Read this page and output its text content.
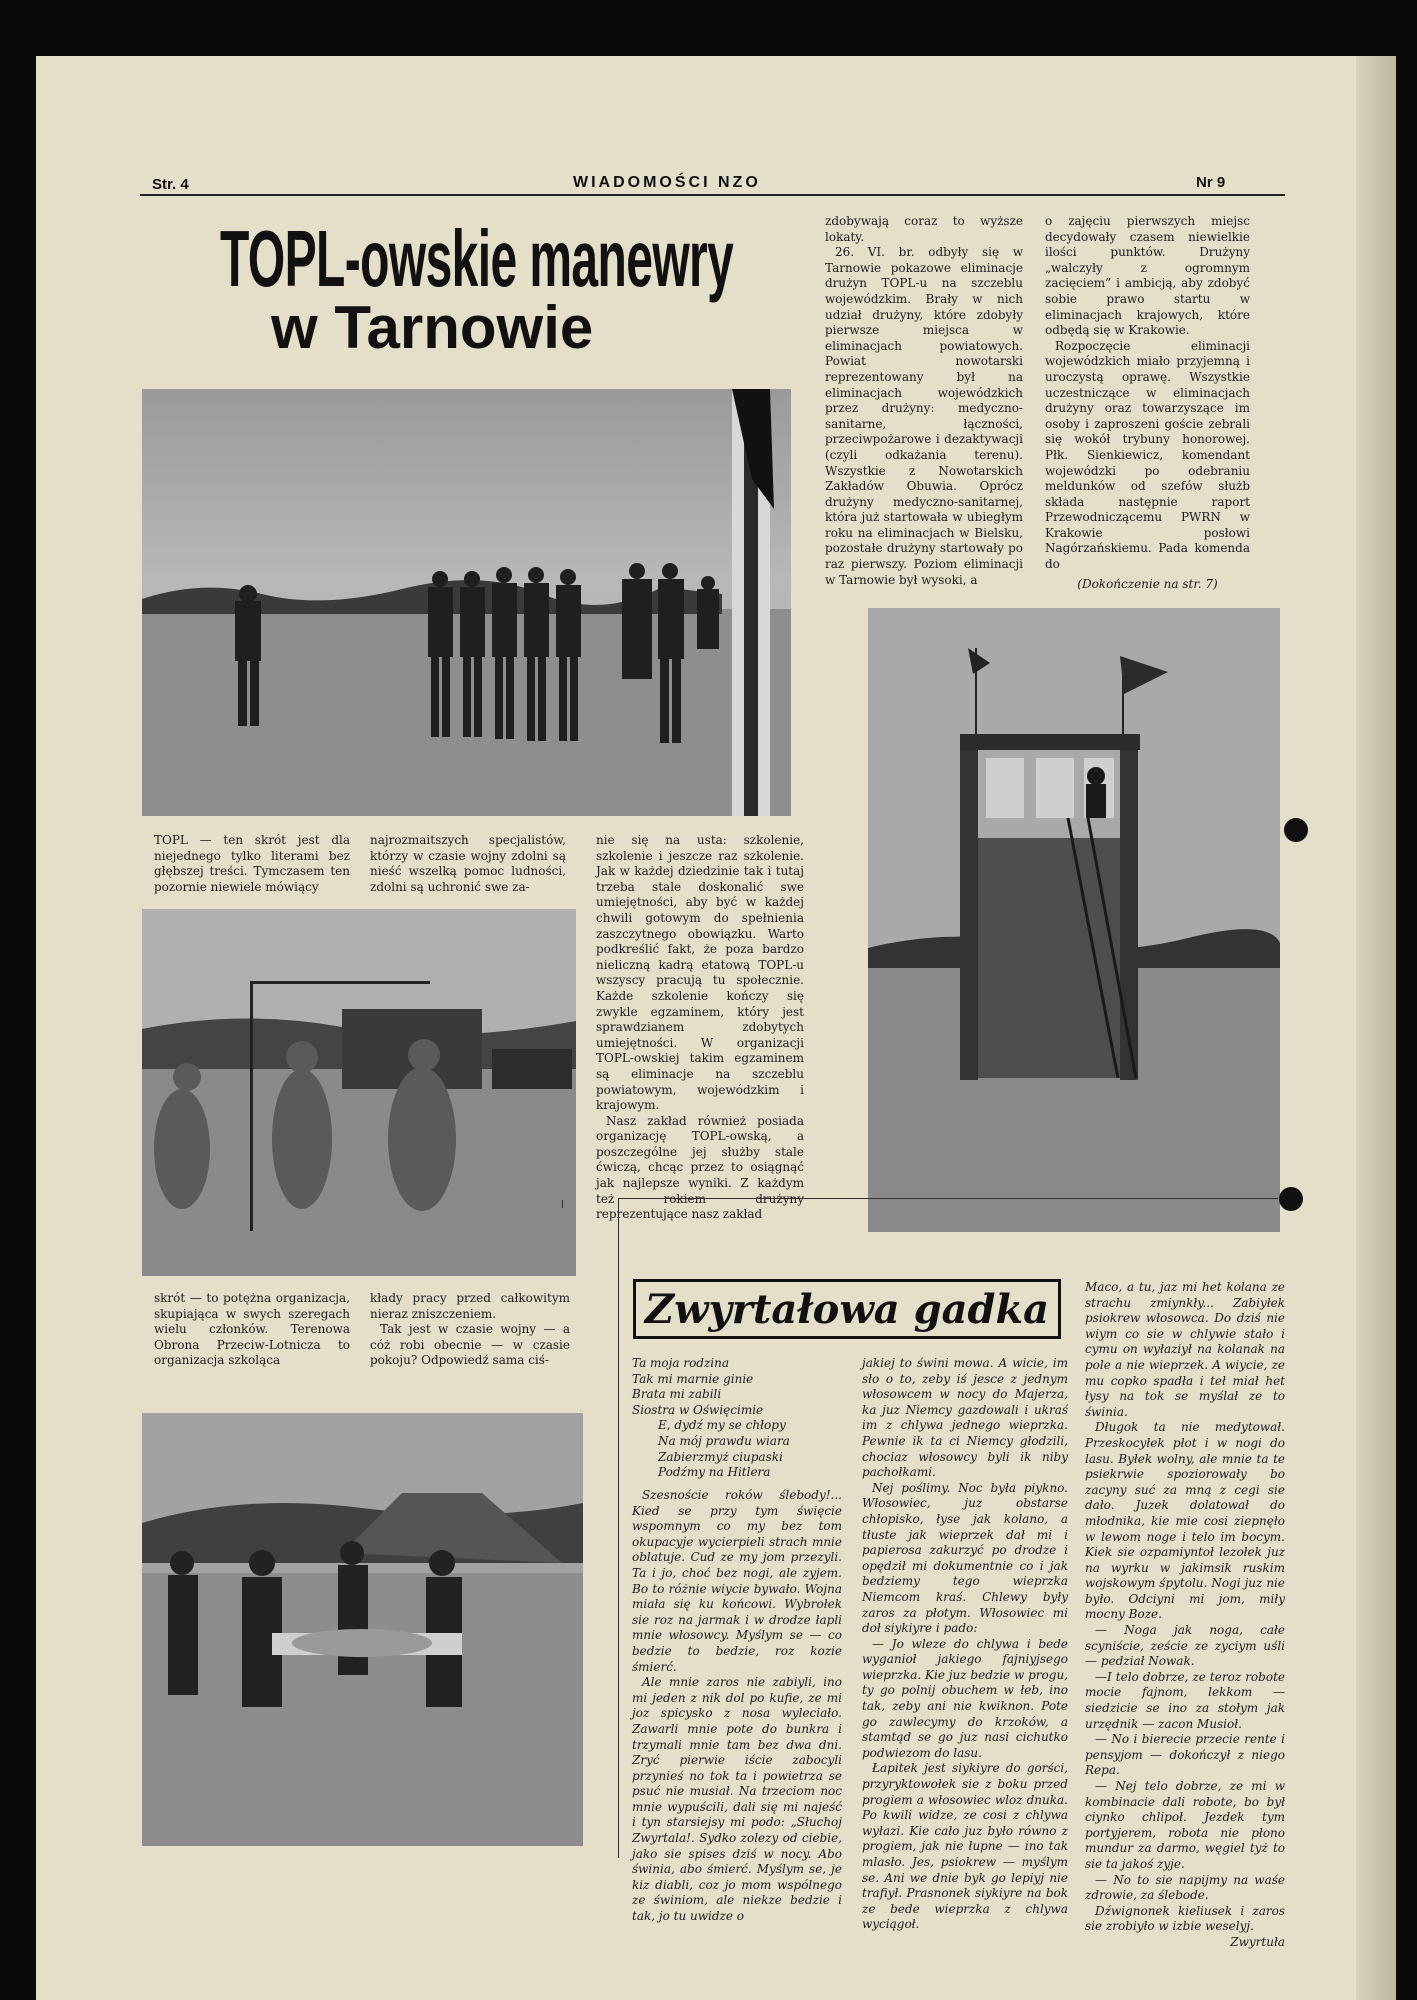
Str. 4	WIADOMOŚCI NZO	Nr 9
TOPL-owskie manewry
w Tarnowie

zdobywają coraz to wyższe lokaty.

26. VI. br. odbyły się w Tarnowie pokazowe eliminacje drużyn TOPL-u na szczeblu wojewódzkim. Brały w nich udział drużyny, które zdobyły pierwsze miejsca w eliminacjach powiatowych. Powiat nowotarski reprezentowany był na eliminacjach wojewódzkich przez drużyny: medyczno-sanitarne, łączności, przeciwpożarowe i dezaktywacji (czyli odkażania terenu). Wszystkie z Nowotarskich Zakładów Obuwia. Oprócz drużyny medyczno-sanitarnej, która już startowała w ubiegłym roku na eliminacjach w Bielsku, pozostałe drużyny startowały po raz pierwszy. Poziom eliminacji w Tarnowie był wysoki, a

o zajęciu pierwszych miejsc decydowały czasem niewielkie ilości punktów. Drużyny „walczyły z ogromnym zacięciem” i ambicją, aby zdobyć sobie prawo startu w eliminacjach krajowych, które odbędą się w Krakowie.

Rozpoczęcie eliminacji wojewódzkich miało przyjemną i uroczystą oprawę. Wszystkie uczestniczące w eliminacjach drużyny oraz towarzyszące im osoby i zaproszeni goście zebrali się wokół trybuny honorowej. Płk. Sienkiewicz, komendant wojewódzki po odebraniu meldunków od szefów służb składa następnie raport Przewodniczącemu PWRN w Krakowie posłowi Nagórzańskiemu. Pada komenda do

(Dokończenie na str. 7)

TOPL — ten skrót jest dla niejednego tylko literami bez głębszej treści. Tymczasem ten pozornie niewiele mówiący

najrozmaitszych specjalistów, którzy w czasie wojny zdolni są nieść wszelką pomoc ludności, zdolni są uchronić swe za-

nie się na usta: szkolenie, szkolenie i jeszcze raz szkolenie. Jak w każdej dziedzinie tak i tutaj trzeba stale doskonalić swe umiejętności, aby być w każdej chwili gotowym do spełnienia zaszczytnego obowiązku. Warto podkreślić fakt, że poza bardzo nieliczną kadrą etatową TOPL-u wszyscy pracują tu społecznie. Każde szkolenie kończy się zwykle egzaminem, który jest sprawdzianem zdobytych umiejętności. W organizacji TOPL-owskiej takim egzaminem są eliminacje na szczeblu powiatowym, wojewódzkim i krajowym.

Nasz zakład również posiada organizację TOPL-owską, a poszczególne jej służby stale ćwiczą, chcąc przez to osiągnąć jak najlepsze wyniki. Z każdym też rokiem drużyny reprezentujące nasz zakład

skrót — to potężna organizacja, skupiająca w swych szeregach wielu członków. Terenowa Obrona Przeciw-Lotnicza to organizacja szkoląca

kłady pracy przed całkowitym nieraz zniszczeniem.

Tak jest w czasie wojny — a cóż robi obecnie — w czasie pokoju? Odpowiedź sama ciś-

Zwyrtałowa gadka
Ta moja rodzina
Tak mi marnie ginie
Brata mi zabili
Siostra w Oświęcimie
E, dydź my se chłopy
Na mój prawdu wiara
Zabierzmyż ciupaski
Podźmy na Hitlera

Szesnoście roków ślebody!... Kied se przy tym święcie wspomnym co my bez tom okupacyje wycierpieli strach mnie oblatuje. Cud ze my jom przezyli. Ta i jo, choć bez nogi, ale zyjem. Bo to różnie wiycie bywało. Wojna miała się ku końcowi. Wybrołek sie roz na jarmak i w drodze łapli mnie włosowcy. Myślym se — co bedzie to bedzie, roz kozie śmierć.

Ale mnie zaros nie zabiyli, ino mi jeden z nik dol po kufie, ze mi joz spicysko z nosa wyleciało. Zawarli mnie pote do bunkra i trzymali mnie tam bez dwa dni. Zryć pierwie iście zabocyli przynieś no tok ta i powietrza se psuć nie musiał. Na trzeciom noc mnie wypuścili, dali się mi najeść i tyn starsiejsy mi podo: „Słuchoj Zwyrtala!. Sydko zolezy od ciebie, jako sie spises dziś w nocy. Abo świnia, abo śmierć. Myślym se, je kiz diabli, coz jo mom wspólnego ze świniom, ale niekze bedzie i tak, jo tu uwidze o

jakiej to świni mowa. A wicie, im sło o to, zeby iś jesce z jednym włosowcem w nocy do Majerza, ka juz Niemcy gazdowali i ukraś im z chlywa jednego wieprzka. Pewnie ik ta ci Niemcy głodzili, chociaz włosowcy byli ik niby pachołkami.

Nej poślimy. Noc była piykno. Włosowiec, juz obstarse chłopisko, łyse jak kolano, a tłuste jak wieprzek dał mi i papierosa zakurzyć po drodze i opędził mi dokumentnie co i jak bedziemy tego wieprzka Niemcom kraś. Chlewy były zaros za płotym. Włosowiec mi doł siykiyre i pado:

— Jo wleze do chlywa i bede wyganioł jakiego fajniyjsego wieprzka. Kie juz bedzie w progu, ty go polnij obuchem w łeb, ino tak, zeby ani nie kwiknon. Pote go zawlecymy do krzoków, a stamtąd se go juz nasi cichutko podwiezom do lasu.

Łapitek jest siykiyre do gorści, przyryktowołek sie z boku przed progiem a włosowiec wloz dnukа. Po kwili widze, ze cosi z chlywa wyłazi. Kie cało juz było równo z progiem, jak nie łupne — ino tak mlasło. Jes, psiokrew — myślym se. Ani we dnie byk go lepiyj nie trafiył. Prasnonek siykiyre na bok ze bede wieprzka z chlywa wyciągoł.

Maco, a tu, jaz mi het kolana ze strachu zmiynkły... Zabiyłek psiokrew włosowca. Do dziś nie wiym co sie w chlywie stało i cymu on wyłaziył na kolanak na pole a nie wieprzek. A wiycie, ze mu copko spadła i teł miał het łysy na tok se myślał ze to świnia.

Długok ta nie medytował. Przeskocyłek płot i w nogi do lasu. Byłek wolny, ale mnie ta te psiekrwie spoziorowały bo zacyny suć za mną z cegi sie dało. Juzek dolatował do młodnika, kie mie cosi ziepnęło w lewom noge i telo im bocym. Kiek sie ozpamiyntoł lezołek juz na wyrku w jakimsik ruskim wojskowym śpytolu. Nogi juz nie było. Odciyni mi jom, miły mocny Boze.

— Noga jak noga, całe scyniście, zeście ze zyciym uśli — pedział Nowak.

—I telo dobrze, ze teroz robote mocie fajnom, lekkom — siedzicie se ino za stołym jak urzędnik — zacon Musioł.

— No i bierecie przecie rente i pensyjom — dokończył z niego Repa.

— Nej telo dobrze, ze mi w kombinacie dali robote, bo był ciynko chlipoł. Jezdek tym portyjerem, robota nie płono mundur za darmo, węgiel tyż to sie ta jakoś zyje.

— No to sie napijmy na waśe zdrowie, za ślebode.

Dźwignonek kieliusek i zaros sie zrobiyło w izbie weselyj.

Zwyrtuła
